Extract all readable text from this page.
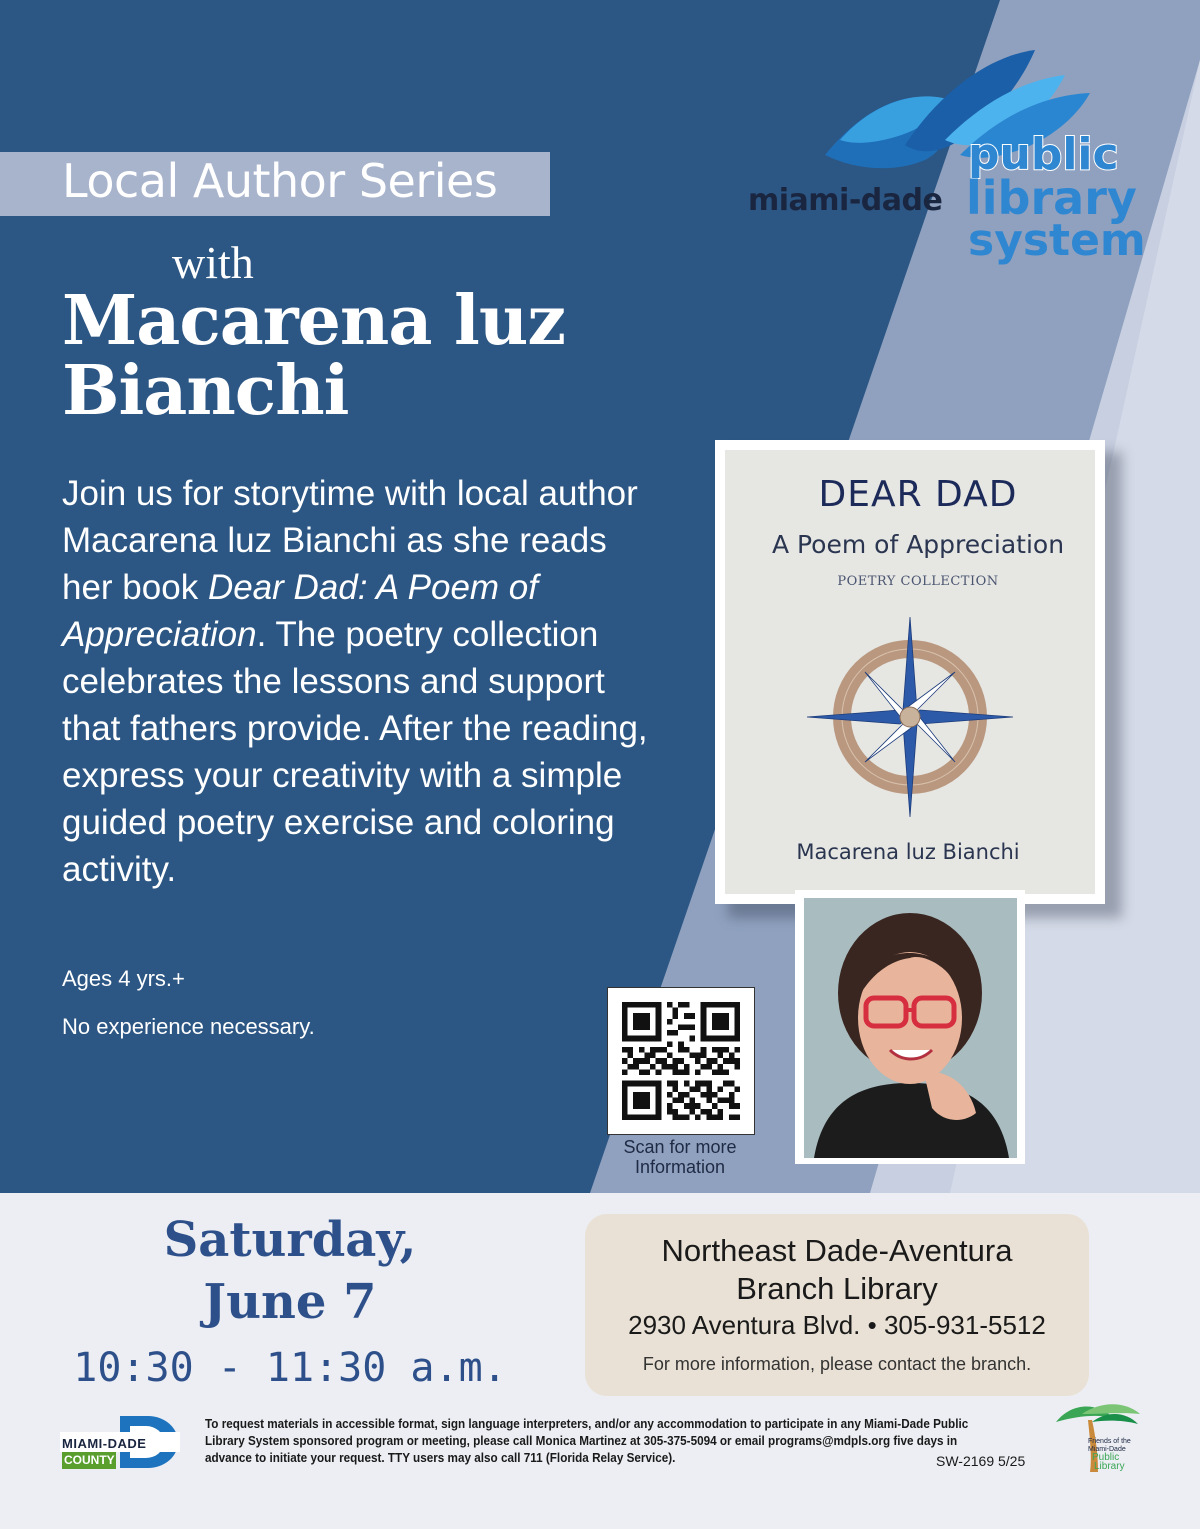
Local Author Series
with
Macarena luz
Bianchi
Join us for storytime with local author Macarena luz Bianchi as she reads her book Dear Dad: A Poem of Appreciation. The poetry collection celebrates the lessons and support that fathers provide. After the reading, express your creativity with a simple guided poetry exercise and coloring activity.
Ages 4 yrs.+
No experience necessary.
public
library
system
miami-dade
DEAR DAD
A Poem of Appreciation
POETRY COLLECTION
Macarena luz Bianchi
Scan for more
Information
Saturday,
June 7
10:30 - 11:30 a.m.
Northeast Dade-Aventura
Branch Library
2930 Aventura Blvd. • 305-931-5512
For more information, please contact the branch.
MIAMI-DADE
COUNTY
To request materials in accessible format, sign language interpreters, and/or any accommodation to participate in any Miami-Dade Public Library System sponsored program or meeting, please call Monica Martinez at 305-375-5094 or email programs@mdpls.org five days in advance to initiate your request. TTY users may also call 711 (Florida Relay Service).	SW-2169 5/25
Friends of the Miami-Dade
Public
Library
